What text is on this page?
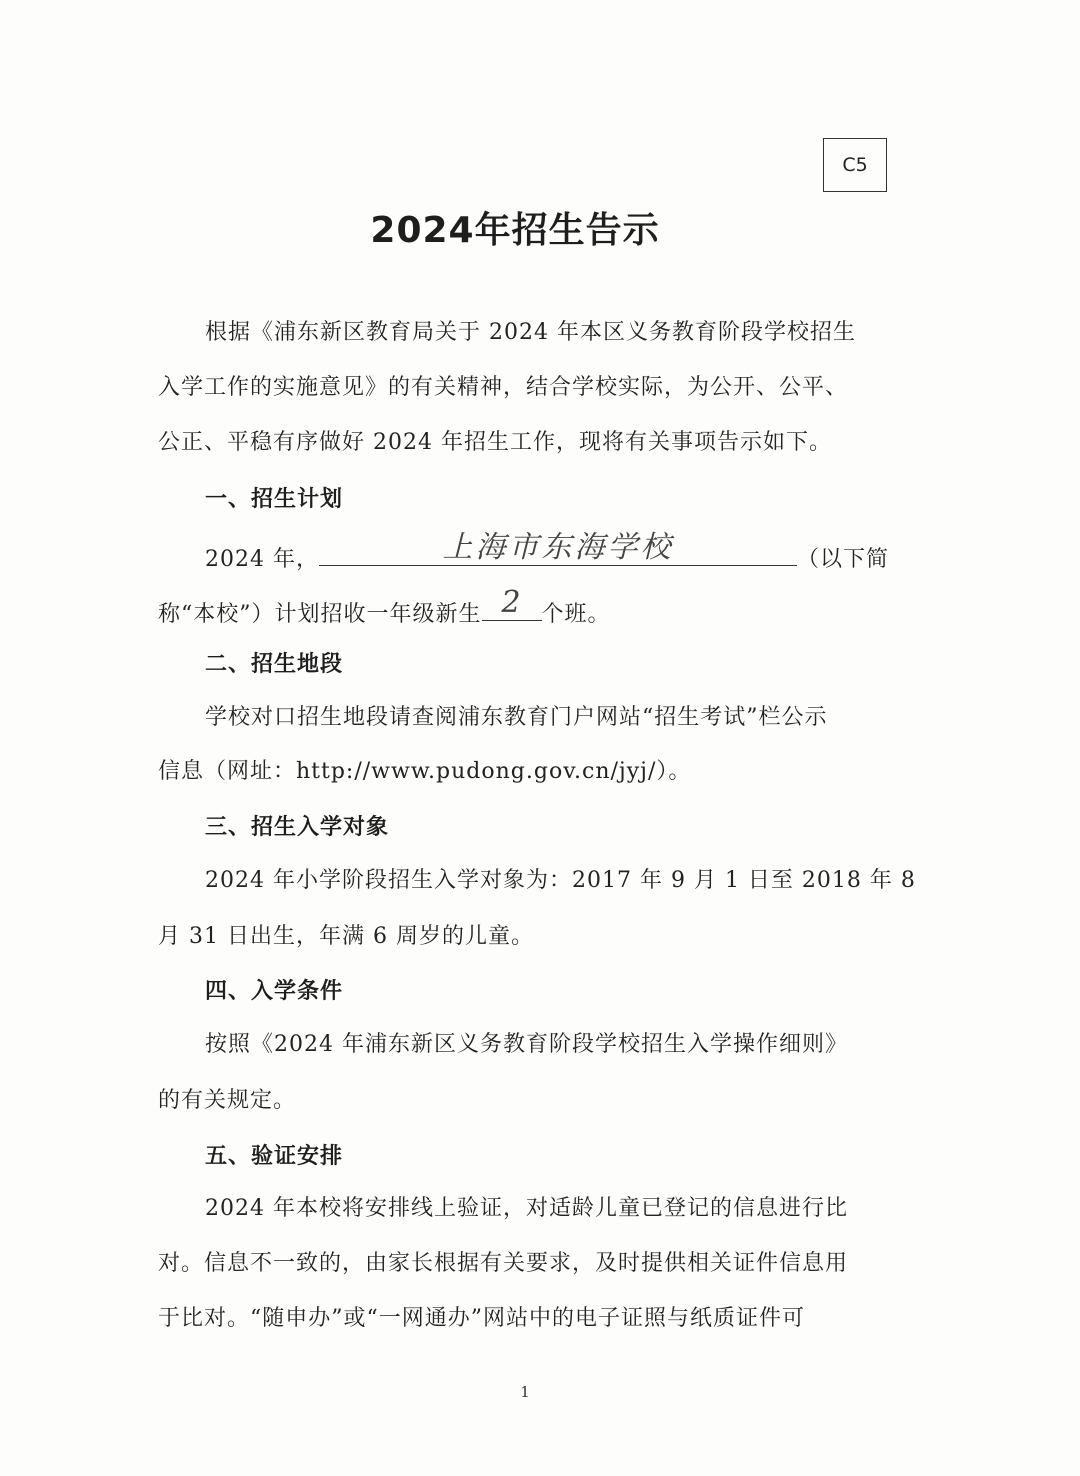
C5
2024年招生告示
根据《浦东新区教育局关于 2024 年本区义务教育阶段学校招生
入学工作的实施意见》的有关精神，结合学校实际，为公开、公平、
公正、平稳有序做好 2024 年招生工作，现将有关事项告示如下。
一、招生计划
2024 年，	上海市东海学校	（以下简
称“本校”）计划招收一年级新生 2 个班。
二、招生地段
学校对口招生地段请查阅浦东教育门户网站“招生考试”栏公示
信息（网址：http://www.pudong.gov.cn/jyj/）。
三、招生入学对象
2024 年小学阶段招生入学对象为：2017 年 9 月 1 日至 2018 年 8
月 31 日出生，年满 6 周岁的儿童。
四、入学条件
按照《2024 年浦东新区义务教育阶段学校招生入学操作细则》
的有关规定。
五、验证安排
2024 年本校将安排线上验证，对适龄儿童已登记的信息进行比
对。信息不一致的，由家长根据有关要求，及时提供相关证件信息用
于比对。“随申办”或“一网通办”网站中的电子证照与纸质证件可
1
